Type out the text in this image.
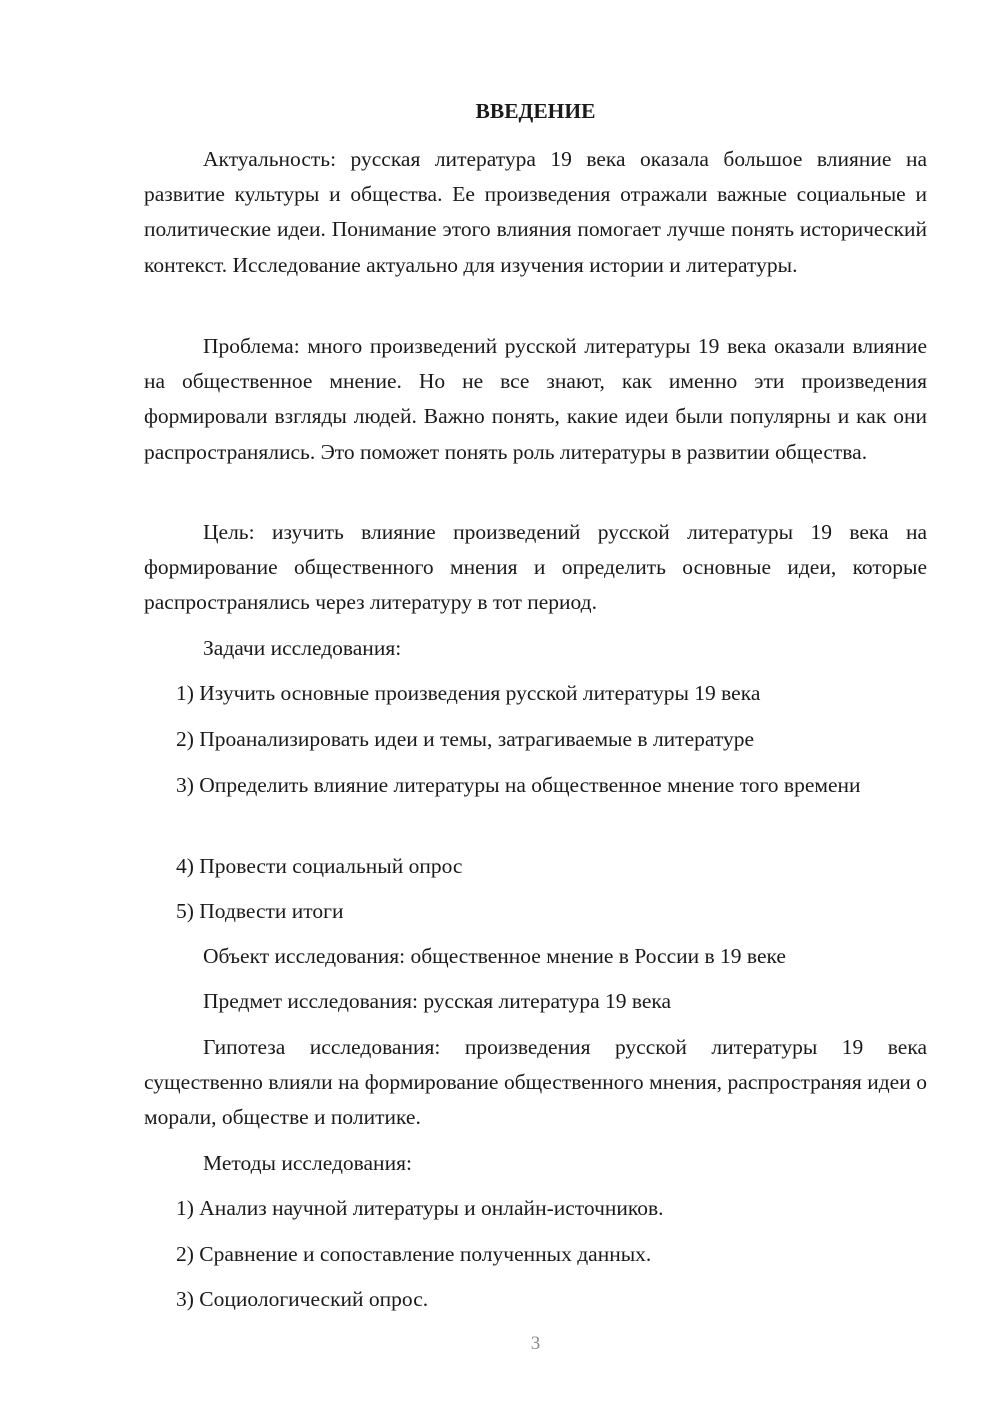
ВВЕДЕНИЕ

Актуальность: русская литература 19 века оказала большое влияние на развитие культуры и общества. Ее произведения отражали важные социальные и политические идеи. Понимание этого влияния помогает лучше понять исторический контекст. Исследование актуально для изучения истории и литературы.

Проблема: много произведений русской литературы 19 века оказали влияние на общественное мнение. Но не все знают, как именно эти произведения формировали взгляды людей. Важно понять, какие идеи были популярны и как они распространялись. Это поможет понять роль литературы в развитии общества.

Цель: изучить влияние произведений русской литературы 19 века на формирование общественного мнения и определить основные идеи, которые распространялись через литературу в тот период.

Задачи исследования:

1) Изучить основные произведения русской литературы 19 века

2) Проанализировать идеи и темы, затрагиваемые в литературе

3) Определить влияние литературы на общественное мнение того времени

4) Провести социальный опрос

5) Подвести итоги

Объект исследования: общественное мнение в России в 19 веке

Предмет исследования: русская литература 19 века

Гипотеза исследования: произведения русской литературы 19 века существенно влияли на формирование общественного мнения, распространяя идеи о морали, обществе и политике.

Методы исследования:

1) Анализ научной литературы и онлайн-источников.

2) Сравнение и сопоставление полученных данных.

3) Социологический опрос.

3
